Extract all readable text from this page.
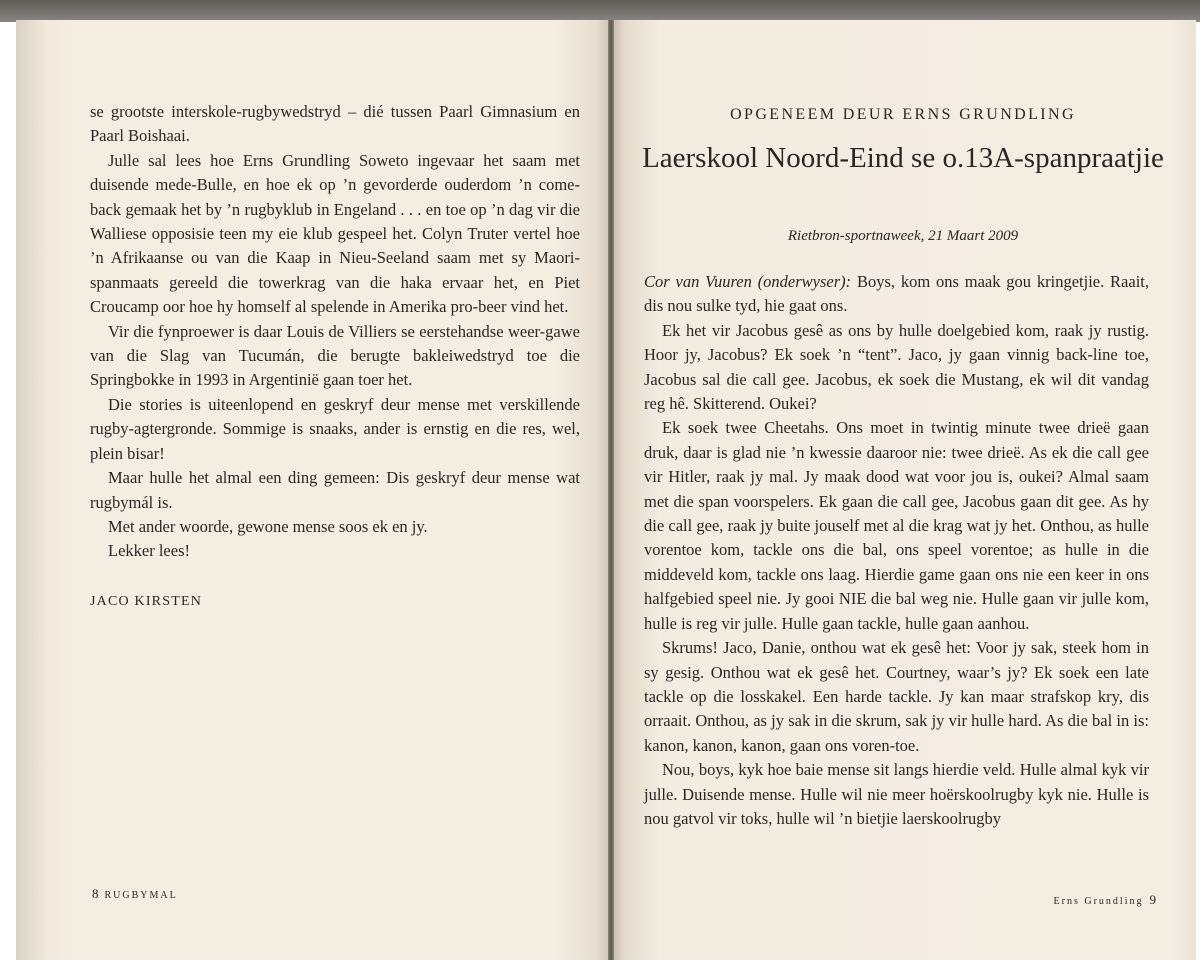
se grootste interskole-rugbywedstryd – dié tussen Paarl Gimnasium en Paarl Boishaai.

Julle sal lees hoe Erns Grundling Soweto ingevaar het saam met duisende mede-Bulle, en hoe ek op ’n gevorderde ouderdom ’n come-back gemaak het by ’n rugbyklub in Engeland . . . en toe op ’n dag vir die Walliese opposisie teen my eie klub gespeel het. Colyn Truter vertel hoe ’n Afrikaanse ou van die Kaap in Nieu-Seeland saam met sy Maori-spanmaats gereeld die towerkrag van die haka ervaar het, en Piet Croucamp oor hoe hy homself al spelende in Amerika pro-beer vind het.

Vir die fynproewer is daar Louis de Villiers se eerstehandse weer-gawe van die Slag van Tucumán, die berugte bakleiwedstryd toe die Springbokke in 1993 in Argentinië gaan toer het.

Die stories is uiteenlopend en geskryf deur mense met verskillende rugby-agtergronde. Sommige is snaaks, ander is ernstig en die res, wel, plein bisar!

Maar hulle het almal een ding gemeen: Dis geskryf deur mense wat rugbymál is.

Met ander woorde, gewone mense soos ek en jy.

Lekker lees!

JACO KIRSTEN

8 RUGBYMAL
OPGENEEM DEUR ERNS GRUNDLING
Laerskool Noord-Eind se o.13A-spanpraatjie
Rietbron-sportnaweek, 21 Maart 2009

Cor van Vuuren (onderwyser): Boys, kom ons maak gou kringetjie. Raait, dis nou sulke tyd, hie gaat ons.

Ek het vir Jacobus gesê as ons by hulle doelgebied kom, raak jy rustig. Hoor jy, Jacobus? Ek soek ’n “tent”. Jaco, jy gaan vinnig back-line toe, Jacobus sal die call gee. Jacobus, ek soek die Mustang, ek wil dit vandag reg hê. Skitterend. Oukei?

Ek soek twee Cheetahs. Ons moet in twintig minute twee drieë gaan druk, daar is glad nie ’n kwessie daaroor nie: twee drieë. As ek die call gee vir Hitler, raak jy mal. Jy maak dood wat voor jou is, oukei? Almal saam met die span voorspelers. Ek gaan die call gee, Jacobus gaan dit gee. As hy die call gee, raak jy buite jouself met al die krag wat jy het. Onthou, as hulle vorentoe kom, tackle ons die bal, ons speel vorentoe; as hulle in die middeveld kom, tackle ons laag. Hierdie game gaan ons nie een keer in ons halfgebied speel nie. Jy gooi NIE die bal weg nie. Hulle gaan vir julle kom, hulle is reg vir julle. Hulle gaan tackle, hulle gaan aanhou.

Skrums! Jaco, Danie, onthou wat ek gesê het: Voor jy sak, steek hom in sy gesig. Onthou wat ek gesê het. Courtney, waar’s jy? Ek soek een late tackle op die losskakel. Een harde tackle. Jy kan maar strafskop kry, dis orraait. Onthou, as jy sak in die skrum, sak jy vir hulle hard. As die bal in is: kanon, kanon, kanon, gaan ons voren-toe.

Nou, boys, kyk hoe baie mense sit langs hierdie veld. Hulle almal kyk vir julle. Duisende mense. Hulle wil nie meer hoërskoolrugby kyk nie. Hulle is nou gatvol vir toks, hulle wil ’n bietjie laerskoolrugby

Erns Grundling 9
